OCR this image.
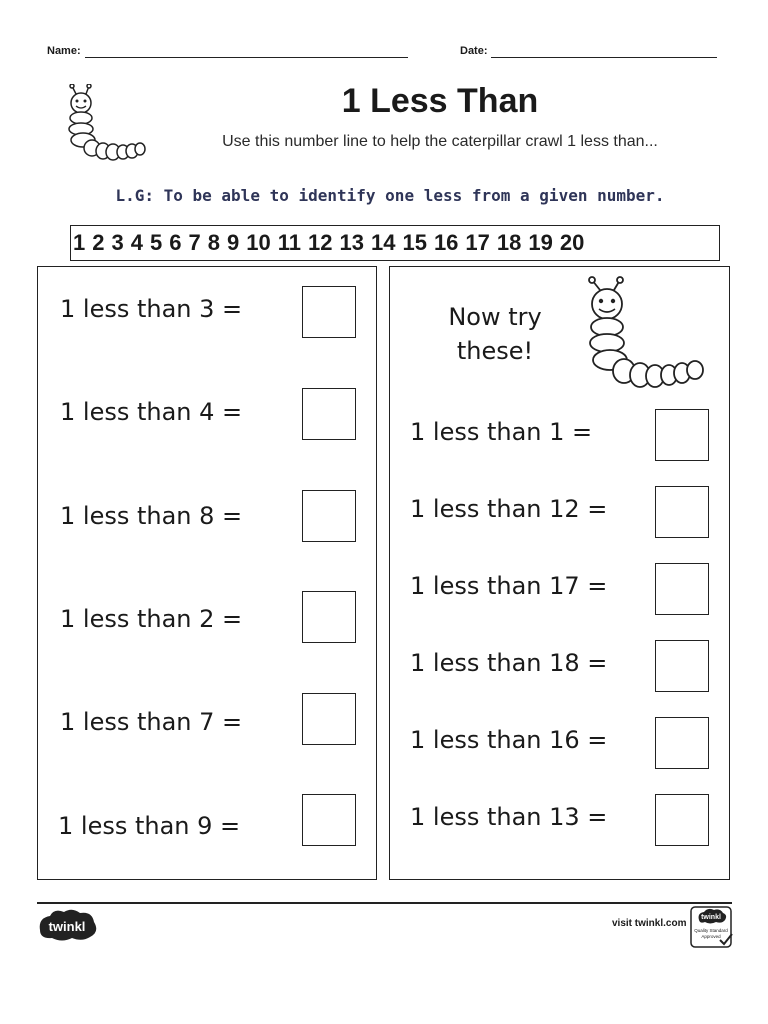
Name:	Date:
1 Less Than
Use this number line to help the caterpillar crawl 1 less than...
L.G: To be able to identify one less from a given number.
1 2 3 4 5 6 7 8 9 10 11 12 13 14 15 16 17 18 19 20
1 less than 3 =
1 less than 4 =
1 less than 8 =
1 less than 2 =
1 less than 7 =
1 less than 9 =
Now try
these!
1 less than 1 =
1 less than 12 =
1 less than 17 =
1 less than 18 =
1 less than 16 =
1 less than 13 =
twinkl	visit twinkl.com
twinkl
Quality Standard
Approved
